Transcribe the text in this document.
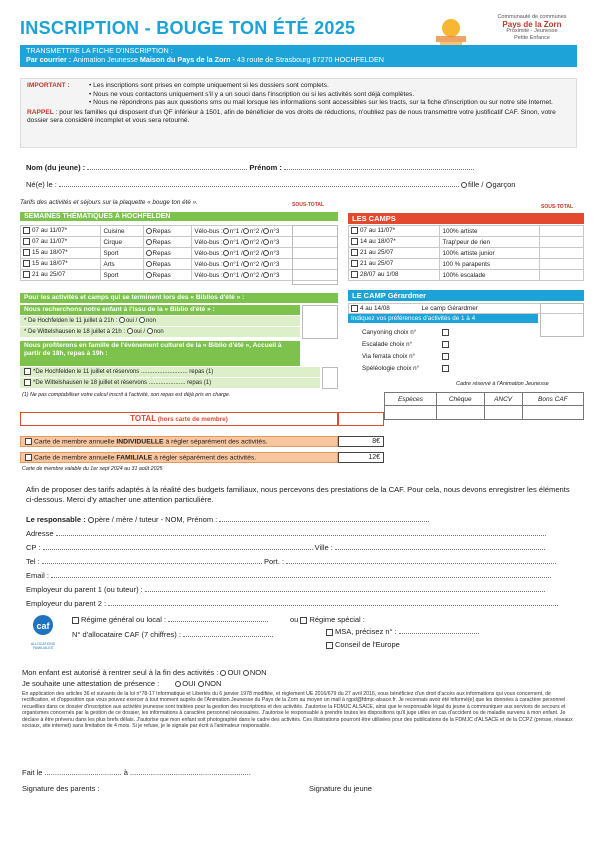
INSCRIPTION - BOUGE TON ÉTÉ 2025
Communauté de communes
Pays de la Zorn
Proximité · Jeunesse
Petite Enfance
TRANSMETTRE LA FICHE D'INSCRIPTION :
Par courrier : Animation Jeunesse Maison du Pays de la Zorn - 43 route de Strasbourg 67270 HOCHFELDEN
IMPORTANT :	• Les inscriptions sont prises en compte uniquement si les dossiers sont complets.
• Nous ne vous contactons uniquement s'il y a un souci dans l'inscription ou si les activités sont déjà complètes.
• Nous ne répondrons pas aux questions sms ou mail lorsque les informations sont accessibles sur les tracts, sur la fiche d'inscription ou sur notre site Internet.
RAPPEL : pour les familles qui disposent d'un QF inférieur à 1501, afin de bénéficier de vos droits de réductions, n'oubliez pas de nous transmettre votre justificatif CAF. Sinon, votre dossier sera considéré incomplet et vous sera retourné.
Nom (du jeune) :	Prénom :
Né(e) le :	fille / garçon
Tarifs des activités et séjours sur la plaquette « bouge ton été ».	SOUS-TOTAL	SOUS-TOTAL
SEMAINES THÉMATIQUES À HOCHFELDEN
07 au 11/07*	Cuisine	Repas	Vélo-bus : n°1 / n°2 / n°3
07 au 11/07*	Cirque	Repas	Vélo-bus : n°1 / n°2 / n°3
15 au 18/07*	Sport	Repas	Vélo-bus : n°1 / n°2 / n°3
15 au 18/07*	Arts	Repas	Vélo-bus : n°1 / n°2 / n°3
21 au 25/07	Sport	Repas	Vélo-bus : n°1 / n°2 / n°3
Pour les activités et camps qui se terminent lors des « Biblios d'été » :
Nous recherchons notre enfant à l'issu de la « Biblio d'été » :
* De Hochfelden le 11 juillet à 21h : oui / non
* De Wittelshausen le 18 juillet à 21h : oui / non
Nous profiterons en famille de l'évènement culturel de la « Biblio d'été », Accueil à partir de 18h, repas à 19h :
*De Hochfelden le 11 juillet et réservons ............................ repas (1)
*De Wittelshausen le 18 juillet et réservons ...................... repas (1)
(1) Ne pas comptabiliser votre calcul inscrit à l'activité, son repas est déjà pris en charge.
LES CAMPS
07 au 11/07*	100% artiste	
14 au 18/07*	Trap'peur de rien	
21 au 25/07	100% artiste junior	
21 au 25/07	100 % parapents	
28/07 au 1/08	100% escalade	
LE CAMP Gérardmer
4 au 14/08	Le camp Gérardmer
Indiquez vos préférences d'activités de 1 à 4
Canyoning choix n°
Escalade choix n°
Via ferrata choix n°
Spéléologie choix n°
Cadre réservé à l'Animation Jeunesse
Espèces	Chèque	ANCV	Bons CAF

TOTAL (hors carte de membre)
Carte de membre annuelle INDIVIDUELLE à régler séparément des activités.	8€
Carte de membre annuelle FAMILIALE à régler séparément des activités.	12€
Carte de membre valable du 1er sept 2024 au 31 août 2025
Afin de proposer des tarifs adaptés à la réalité des budgets familiaux, nous percevons des prestations de la CAF. Pour cela, nous devons enregistrer les éléments ci-dessous. Merci d'y attacher une attention particulière.
Le responsable : père / mère / tuteur - NOM, Prénom :
Adresse
CP :	Ville :
Tel :	Port. :
Email :
Employeur du parent 1 (ou tuteur) :
Employeur du parent 2 :
caf
ALLOCATIONS FAMILIALES
Régime général ou local :	ou Régime spécial :
N° d'allocataire CAF (7 chiffres) :	MSA, précisez n° :
Conseil de l'Europe
Mon enfant est autorisé à rentrer seul à la fin des activités : OUI NON
Je souhaite une attestation de présence :	OUI NON
En application des articles 36 et suivants de la loi n°78-17 Informatique et Libertés du 6 janvier 1978 modifiée, et règlement UE 2016/679 du 27 avril 2016, vous bénéficiez d'un droit d'accès aux informations qui vous concernent, de rectification, et d'opposition que vous pouvez exercer à tout moment auprès de l'Animation Jeunesse du Pays de la Zorn au moyen un mail à rgpd@fdmjc-alsace.fr. Je reconnais avoir été informé(e) que les données à caractère personnel recueillies dans ce dossier d'inscription aux activités jeunesse sont traitées pour la gestion des inscriptions et des activités. J'autorise la FDMJC ALSACE, ainsi que le responsable légal du jeune à communiquer aux services de secours et organismes concernés par la gestion de ce dossier, les informations à caractère personnel nécessaires. J'autorise le responsable à prendre toutes les dispositions qu'il juge utiles en cas d'accident ou de maladie survenu à mon enfant. Je déclare à être prévenu dans les plus brefs délais. J'autorise que mon enfant soit photographié dans le cadre des activités. Ces illustrations pourront être utilisées pour des publications de la FDMJC d'ALSACE et de la CCPZ (presse, réseaux sociaux, site internet) sans limitation de 4 mois. Si je refuse, je le signale par écrit à l'animateur responsable.
Fait le ..................................... à ..........................................................
Signature des parents :	Signature du jeune
